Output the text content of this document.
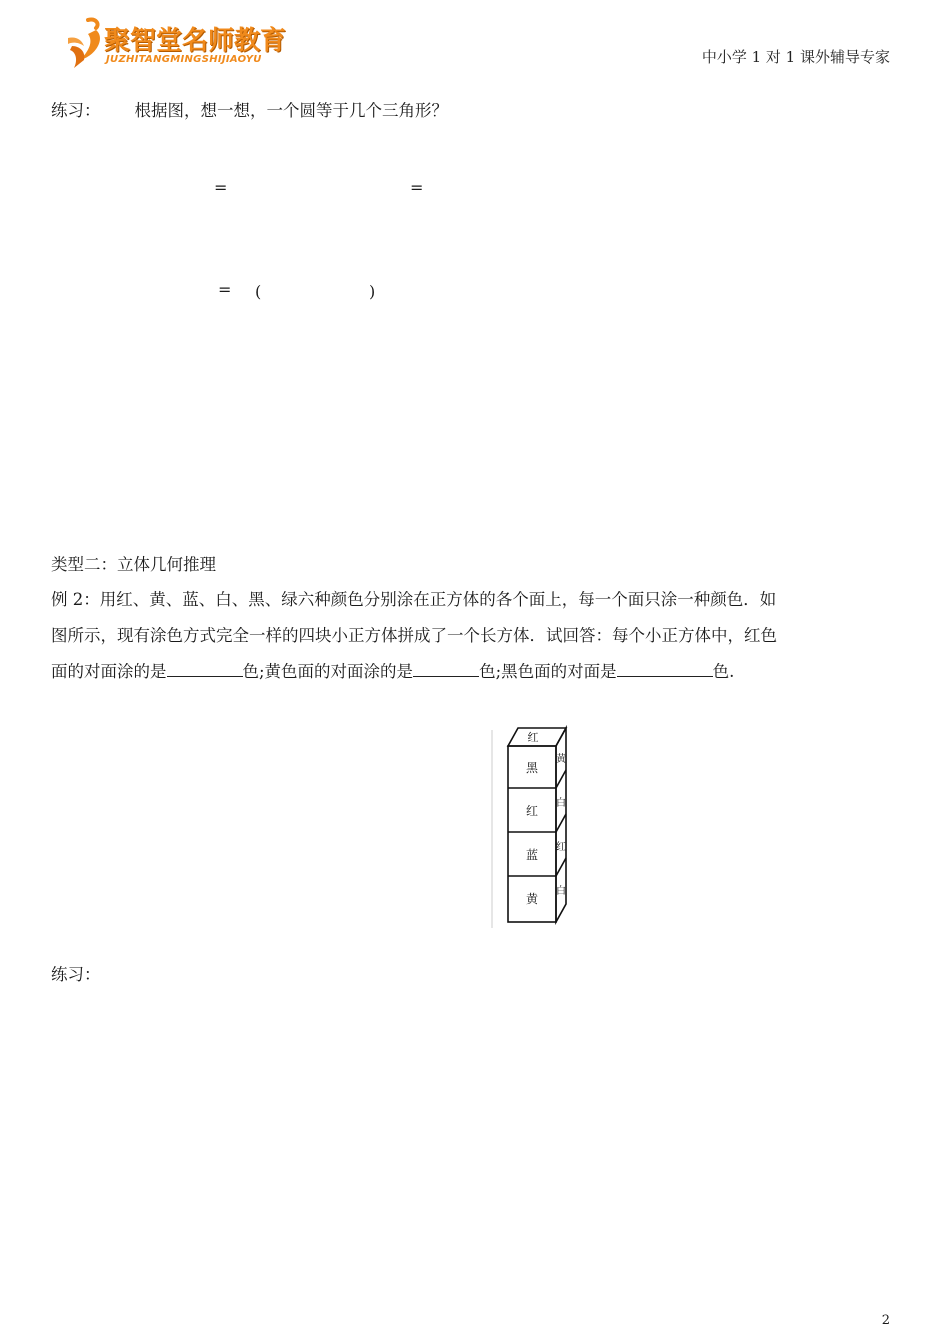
聚智堂名师教育
JUZHITANGMINGSHIJIAOYU	中小学 1 对 1 课外辅导专家
练习： 根据图，想一想，一个圆等于几个三角形？
=	=
= (	)
类型二：立体几何推理

例 2：用红、黄、蓝、白、黑、绿六种颜色分别涂在正方体的各个面上，每一个面只涂一种颜色．如

图所示，现有涂色方式完全一样的四块小正方体拼成了一个长方体．试回答：每个小正方体中，红色

面的对面涂的是	色;黄色面的对面涂的是	色;黑色面的对面是	色.

红
黑
红
蓝
黄
黄
白
红
白
练习：
2
